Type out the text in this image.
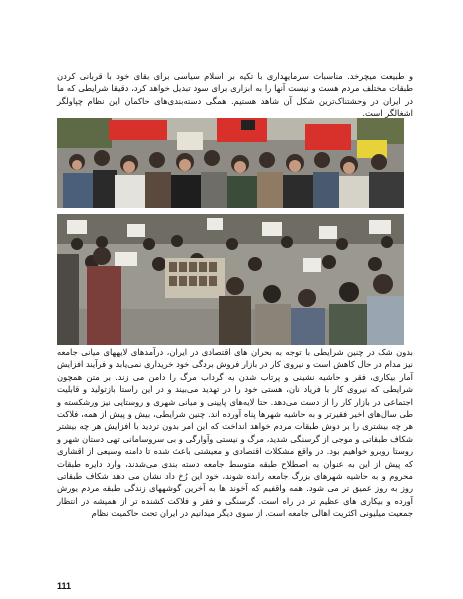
و طبیعت میچرخد. مناسبات سرمایهداری با تکیه بر اسلام سیاسی برای بقای خود با قربانی کردن طبقات مختلف مردم هست و نیست آنها را به ابزاری برای سود تبدیل خواهد کرد، دقیقا شرایطی که ما در ایران در وحشتناک‌ترین شکل آن شاهد هستیم. همگی دسته‌بندی‌های حاکمان این نظام چپاولگر اشغالگر است.

بدون شک در چنین شرایطی با توجه به بحران های اقتصادی در ایران، درآمدهای لایههای میانی جامعه نیز مدام در حال کاهش است و نیروی کار در بازار فروش بردگی خود خریداری نمی‌یابد و فرآیند افزایش آمار بیکاری، فقر و حاشیه نشینی و پرتاب شدن به گرداب مرگ را دامن می زند. بر متن همچون شرایطی که نیروی کار با فریاد نان، هستی خود را در تهدید می‌بیند و در این راستا بازتولید و قابلیت اجتماعی در بازار کار را از دست می‌دهد. حتا لایه‌های پایینی و میانی شهری و روستایی نیز ورشکسته و طی سال‌های اخیر فقیرتر و به حاشیه شهرها پناه آورده اند. چنین شرایطی، بیش و پیش از همه، فلاکت هر چه بیشتری را بر دوش طبقات مردم خواهد انداخت که این امر بدون تردید با افزایش هر چه بیشتر شکاف طبقاتی و موجی از گرسنگی شدید، مرگ و نیستی وآوارگی و بی سروسامانی تهی دستان شهر و روستا روبرو خواهیم بود. در واقع مشکلات اقتصادی و معیشتی باعث شده تا دامنه وسیعی از اقشاری که پیش از این به عنوان به اصطلاح طبقه متوسط جامعه دسته بندی می‌شدند، وارد دایره طبقات محروم و به حاشیه شهرهای بزرگ جامعه رانده شوند، خود این رُخ داد نشان می دهد شکاف طبقاتی روز به روز عمیق تر می شود. همه واقفیم که آخوند ها به آخرین گوشههای زندگی طبقه مردم یورش آورده و بیکاری های عظیم تر در راه است. گرسنگی و فقر و فلاکت کشنده تر از همیشه در انتظار جمعیت میلیونی اکثریت اهالی جامعه است. از سوی دیگر میدانیم در ایران تحت حاکمیت نظام

111
